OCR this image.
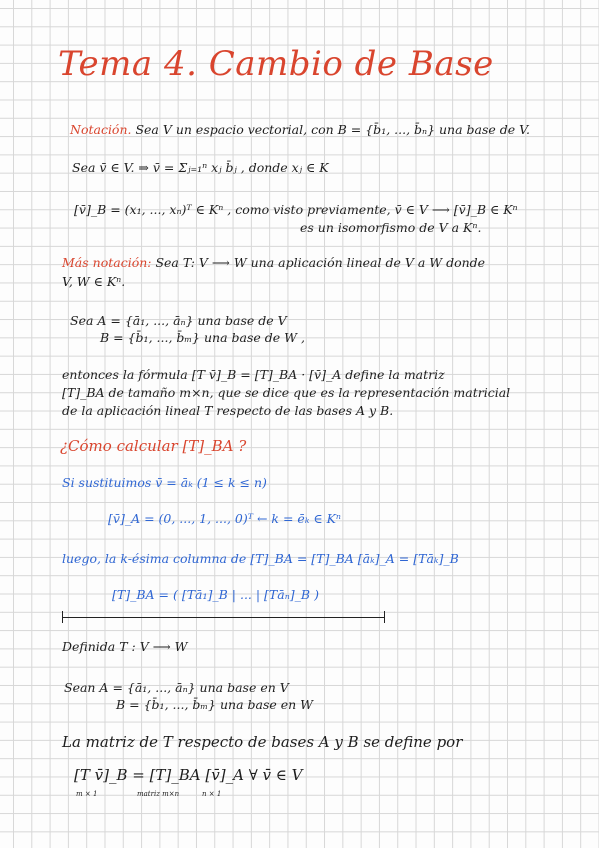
Tema 4. Cambio de Base
Notación. Sea V un espacio vectorial, con B = {b̄₁, ..., b̄ₙ} una base de V.
Sea v̄ ∈ V. ⇒ v̄ = Σⱼ₌₁ⁿ xⱼ b̄ⱼ , donde xⱼ ∈ K
[v̄]_B = (x₁, ..., xₙ)ᵀ ∈ Kⁿ , como visto previamente, v̄ ∈ V ⟶ [v̄]_B ∈ Kⁿ
es un isomorfismo de V a Kⁿ.
Más notación: Sea T: V ⟶ W una aplicación lineal de V a W donde
V, W ∈ Kⁿ.
Sea A = {ā₁, ..., āₙ} una base de V
B = {b̄₁, ..., b̄ₘ} una base de W ,
entonces la fórmula [T v̄]_B = [T]_BA · [v̄]_A define la matriz
[T]_BA de tamaño m×n, que se dice que es la representación matricial
de la aplicación lineal T respecto de las bases A y B.
¿Cómo calcular [T]_BA ?
Si sustituimos v̄ = āₖ (1 ≤ k ≤ n)
[v̄]_A = (0, ..., 1, ..., 0)ᵀ ← k = ēₖ ∈ Kⁿ
luego, la k-ésima columna de [T]_BA = [T]_BA [āₖ]_A = [Tāₖ]_B
[T]_BA = ( [Tā₁]_B | ... | [Tāₙ]_B )
Definida T : V ⟶ W
Sean A = {ā₁, ..., āₙ} una base en V
B = {b̄₁, ..., b̄ₘ} una base en W
La matriz de T respecto de bases A y B se define por
[T v̄]_B = [T]_BA [v̄]_A ∀ v̄ ∈ V
m × 1	matriz m×n	n × 1
